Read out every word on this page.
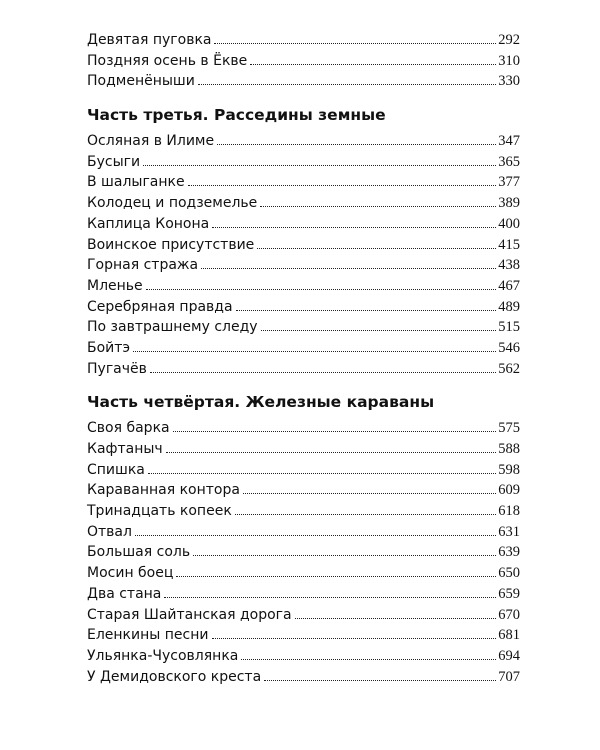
Девятая пуговка	292
Поздняя осень в Ёкве	310
Подменёныши	330
Часть третья. Расседины земные
Осляная в Илиме	347
Бусыги	365
В шалыганке	377
Колодец и подземелье	389
Каплица Конона	400
Воинское присутствие	415
Горная стража	438
Мленье	467
Серебряная правда	489
По завтрашнему следу	515
Бойтэ	546
Пугачёв	562
Часть четвёртая. Железные караваны
Своя барка	575
Кафтаныч	588
Спишка	598
Караванная контора	609
Тринадцать копеек	618
Отвал	631
Большая соль	639
Мосин боец	650
Два стана	659
Старая Шайтанская дорога	670
Еленкины песни	681
Ульянка-Чусовлянка	694
У Демидовского креста	707
